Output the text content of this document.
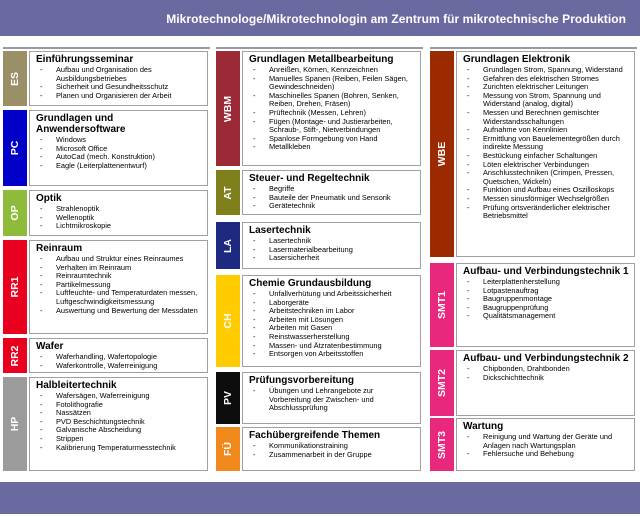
Mikrotechnologe/Mikrotechnologin am Zentrum für mikrotechnische Produktion
ES
Einführungsseminar
- Aufbau und Organisation des Ausbildungsbetriebes
- Sicherheit und Gesundheitsschutz
- Planen und Organisieren der Arbeit
PC
Grundlagen und Anwendersoftware
- Windows
- Microsoft Office
- AutoCad (mech. Konstruktion)
- Eagle (Leiterplattenentwurf)
OP
Optik
- Strahlenoptik
- Wellenoptik
- Lichtmikroskopie
RR1
Reinraum
- Aufbau und Struktur eines Reinraumes
- Verhalten im Reinraum
- Reinraumtechnik
- Partikelmessung
- Luftfeuchte- und Temperaturdaten messen, Luftgeschwindigkeitsmessung
- Auswertung und Bewertung der Messdaten
RR2 Wafer
- Waferhandling, Wafertopologie
- Waferkontrolle, Waferreinigung
HP
Halbleitertechnik
- Wafersägen, Waferreinigung
- Fotolithografie
- Nassätzen
- PVD Beschichtungstechnik
- Galvanische Abscheidung
- Strippen
- Kalibrierung Temperaturmesstechnik
WBM
Grundlagen Metallbearbeitung
- Anreißen, Körnen, Kennzeichnen
- Manuelles Spanen (Reiben, Feilen Sägen, Gewindeschneiden)
- Maschinelles Spanen (Bohren, Senken, Reiben, Drehen, Fräsen)
- Prüftechnik (Messen, Lehren)
- Fügen (Montage- und Justierarbeiten, Schraub-, Stift-, Nietverbindungen
- Spanlose Formgebung von Hand
- Metallkleben
AT
Steuer- und Regeltechnik
- Begriffe
- Bauteile der Pneumatik und Sensorik
- Gerätetechnik
LA
Lasertechnik
- Lasertechnik
- Lasermaterialbearbeitung
- Lasersicherheit
CH
Chemie Grundausbildung
- Unfallverhütung und Arbeitssicherheit
- Laborgeräte
- Arbeitstechniken im Labor
- Arbeiten mit Lösungen
- Arbeiten mit Gasen
- Reinstwasserherstellung
- Massen- und Ätzratenbestimmung
- Entsorgen von Arbeitsstoffen
PV
Prüfungsvorbereitung
- Übungen und Lehrangebote zur Vorbereitung der Zwischen- und Abschlussprüfung
FÜ
Fachübergreifende Themen
- Kommunikationstraining
- Zusammenarbeit in der Gruppe
WBE
Grundlagen Elektronik
- Grundlagen Strom, Spannung, Widerstand
- Gefahren des elektrischen Stromes
- Zurichten elektrischer Leitungen
- Messung von Strom, Spannung und Widerstand (analog, digital)
- Messen und Berechnen gemischter Widerstandsschaltungen
- Aufnahme von Kennlinien
- Ermittlung von Bauelementegrößen durch indirekte Messung
- Bestückung einfacher Schaltungen
- Löten elektrischer Verbindungen
- Anschlusstechniken (Crimpen, Pressen, Quetschen, Wickeln)
- Funktion und Aufbau eines Oszilloskops
- Messen sinusförmiger Wechselgrößen
- Prüfung ortsveränderlicher elektrischer Betriebsmittel
SMT1
Aufbau- und Verbindungstechnik 1
- Leiterplattenherstellung
- Lotpastenauftrag
- Baugruppenmontage
- Baugruppenprüfung
- Qualitätsmanagement
SMT2
Aufbau- und Verbindungstechnik 2
- Chipbonden, Drahtbonden
- Dickschichttechnik
SMT3
Wartung
- Reinigung und Wartung der Geräte und Anlagen nach Wartungsplan
- Fehlersuche und Behebung
